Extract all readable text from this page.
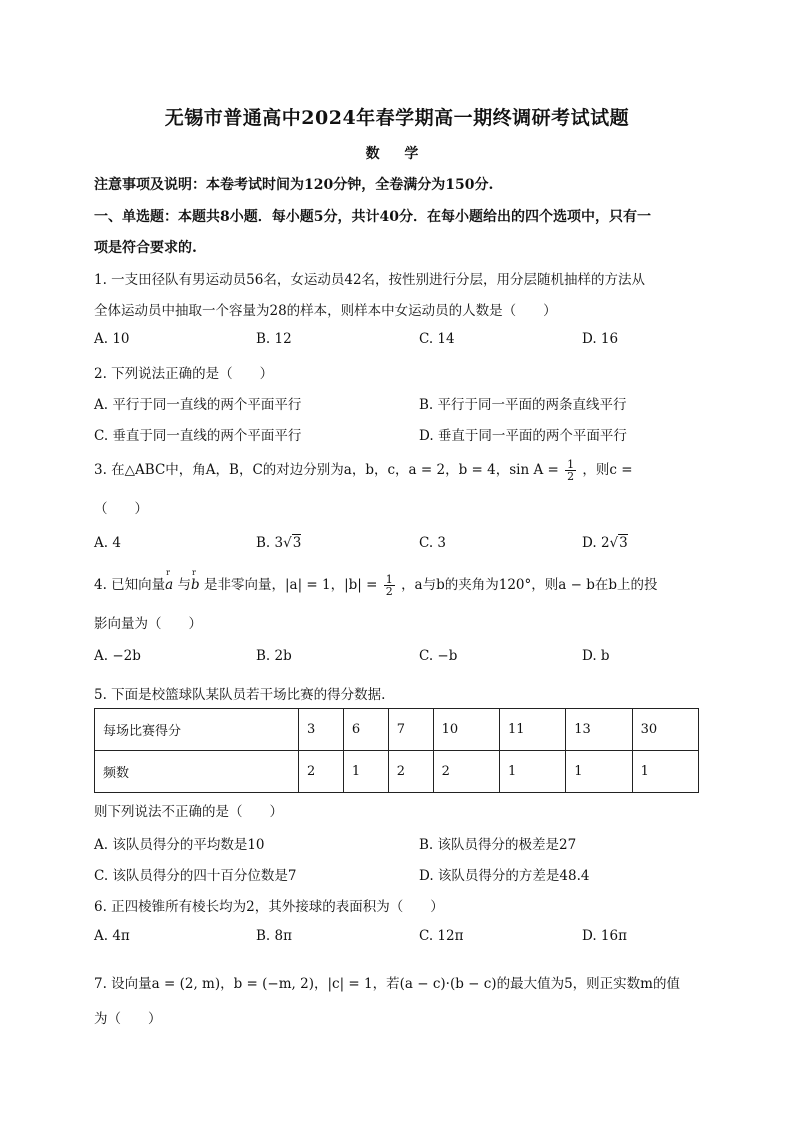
无锡市普通高中2024年春学期高一期终调研考试试题
数 学
注意事项及说明：本卷考试时间为120分钟，全卷满分为150分.
一、单选题：本题共8小题．每小题5分，共计40分．在每小题给出的四个选项中，只有一
项是符合要求的.
1. 一支田径队有男运动员56名，女运动员42名，按性别进行分层，用分层随机抽样的方法从
全体运动员中抽取一个容量为28的样本，则样本中女运动员的人数是（　　）
A. 10	B. 12	C. 14	D. 16
2. 下列说法正确的是（　　）
A. 平行于同一直线的两个平面平行	B. 平行于同一平面的两条直线平行
C. 垂直于同一直线的两个平面平行	D. 垂直于同一平面的两个平面平行
3. 在△ABC中，角A，B，C的对边分别为a，b，c，a = 2，b = 4，$\sin A = \frac{1}{2}$ ，则c =
（　　）
A. 4	B. 3√3	C. 3	D. 2√3
4. 已知向量r a 与r b 是非零向量，|a| = 1，$|b| = \frac{1}{2}$ ，a与b的夹角为120°，则a − b在b上的投
影向量为（　　）
A. −2b	B. 2b	C. −b	D. b
5. 下面是校篮球队某队员若干场比赛的得分数据.
每场比赛得分	3	6	7	10	11	13	30
频数	2	1	2	2	1	1	1
则下列说法不正确的是（　　）
A. 该队员得分的平均数是10	B. 该队员得分的极差是27
C. 该队员得分的四十百分位数是7	D. 该队员得分的方差是48.4
6. 正四棱锥所有棱长均为2，其外接球的表面积为（　　）
A. 4π	B. 8π	C. 12π	D. 16π
7. 设向量a = (2, m)，b = (−m, 2)，|c| = 1，若(a − c)·(b − c)的最大值为5，则正实数m的值
为（　　）
